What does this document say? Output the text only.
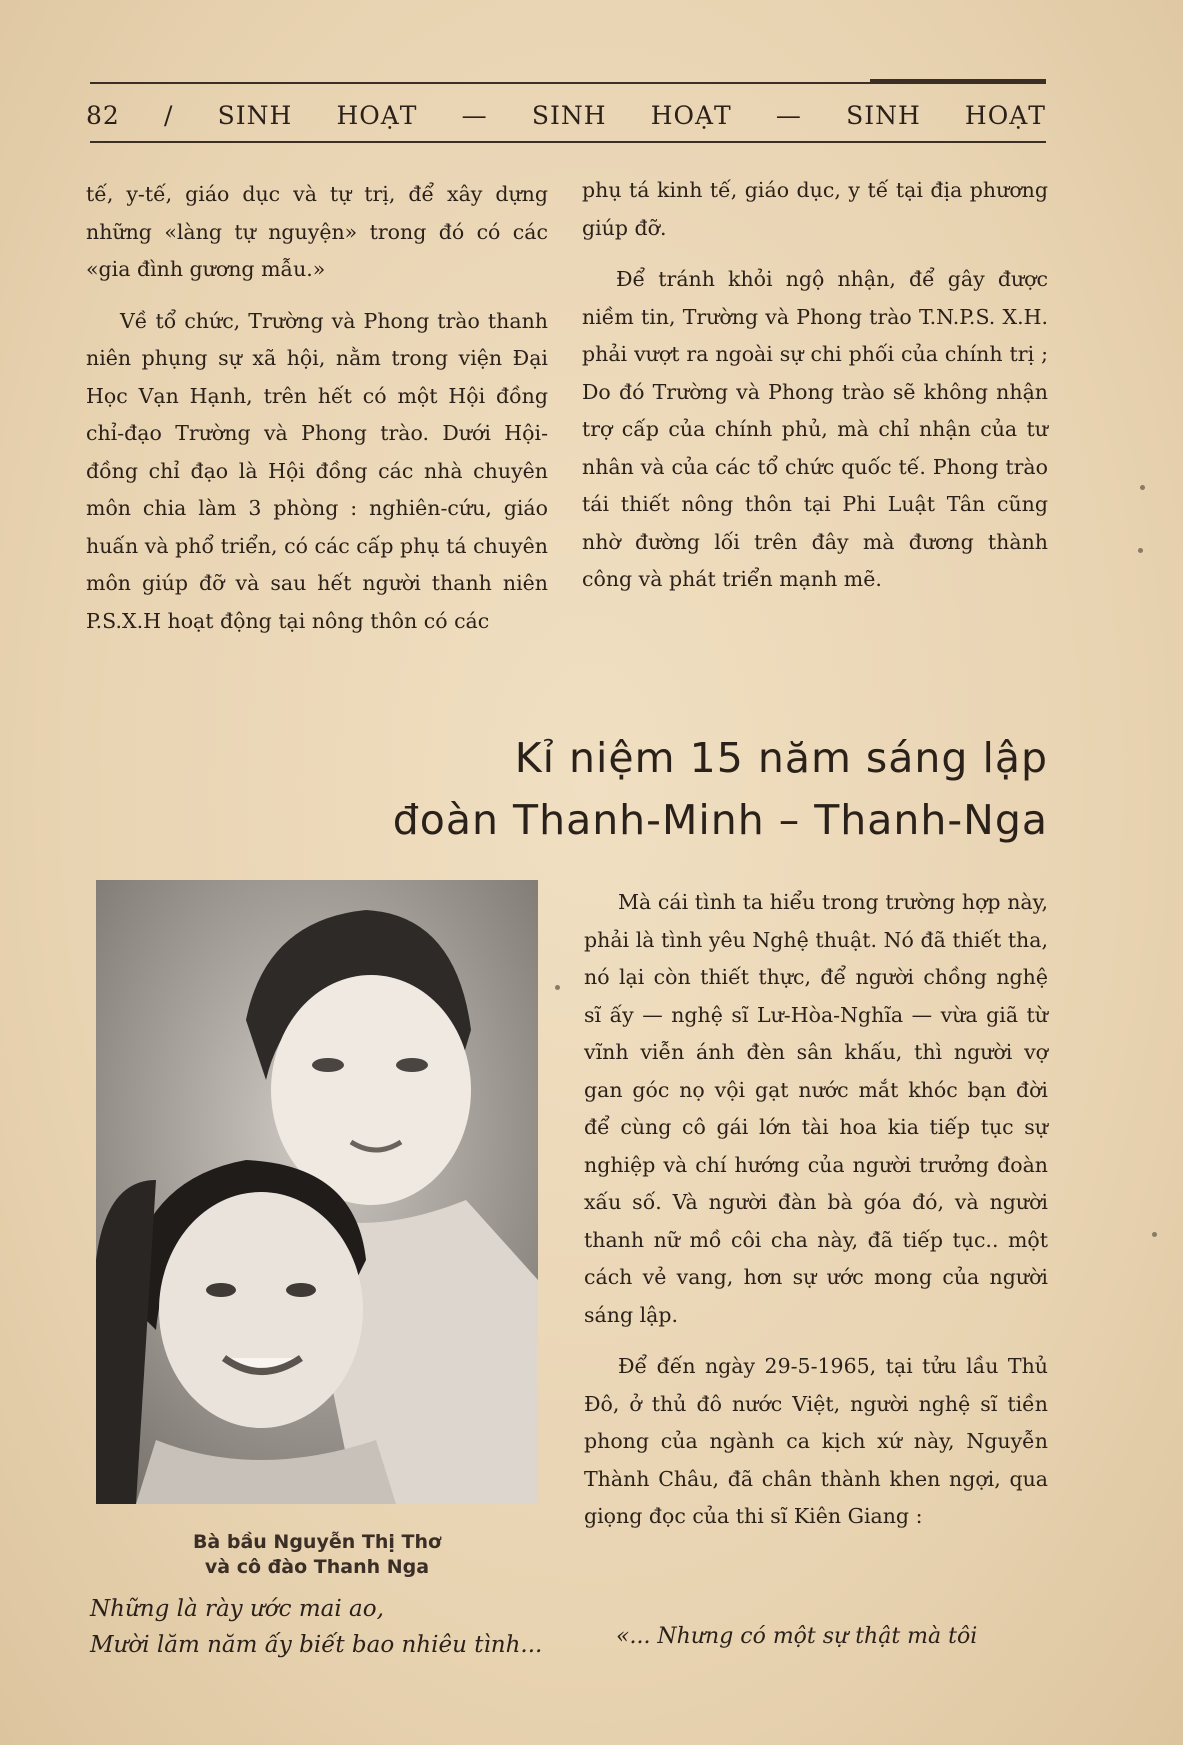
82 / SINH HOẠT — SINH HOẠT — SINH HOẠT

tế, y-tế, giáo dục và tự trị, để xây dựng những «làng tự nguyện» trong đó có các «gia đình gương mẫu.»

Về tổ chức, Trường và Phong trào thanh niên phụng sự xã hội, nằm trong viện Đại Học Vạn Hạnh, trên hết có một Hội đồng chỉ-đạo Trường và Phong trào. Dưới Hội-đồng chỉ đạo là Hội đồng các nhà chuyên môn chia làm 3 phòng : nghiên-cứu, giáo huấn và phổ triển, có các cấp phụ tá chuyên môn giúp đỡ và sau hết người thanh niên P.S.X.H hoạt động tại nông thôn có các

phụ tá kinh tế, giáo dục, y tế tại địa phương giúp đỡ.

Để tránh khỏi ngộ nhận, để gây được niềm tin, Trường và Phong trào T.N.P.S. X.H. phải vượt ra ngoài sự chi phối của chính trị ; Do đó Trường và Phong trào sẽ không nhận trợ cấp của chính phủ, mà chỉ nhận của tư nhân và của các tổ chức quốc tế. Phong trào tái thiết nông thôn tại Phi Luật Tân cũng nhờ đường lối trên đây mà đương thành công và phát triển mạnh mẽ.

Kỉ niệm 15 năm sáng lập
đoàn Thanh-Minh – Thanh-Nga
Bà bầu Nguyễn Thị Thơ
và cô đào Thanh Nga
Những là rày ước mai ao,
Mười lăm năm ấy biết bao nhiêu tình...

Mà cái tình ta hiểu trong trường hợp này, phải là tình yêu Nghệ thuật. Nó đã thiết tha, nó lại còn thiết thực, để người chồng nghệ sĩ ấy — nghệ sĩ Lư-Hòa-Nghĩa — vừa giã từ vĩnh viễn ánh đèn sân khấu, thì người vợ gan góc nọ vội gạt nước mắt khóc bạn đời để cùng cô gái lớn tài hoa kia tiếp tục sự nghiệp và chí hướng của người trưởng đoàn xấu số. Và người đàn bà góa đó, và người thanh nữ mồ côi cha này, đã tiếp tục.. một cách vẻ vang, hơn sự ước mong của người sáng lập.

Để đến ngày 29-5-1965, tại tửu lầu Thủ Đô, ở thủ đô nước Việt, người nghệ sĩ tiền phong của ngành ca kịch xứ này, Nguyễn Thành Châu, đã chân thành khen ngợi, qua giọng đọc của thi sĩ Kiên Giang :

«... Nhưng có một sự thật mà tôi
